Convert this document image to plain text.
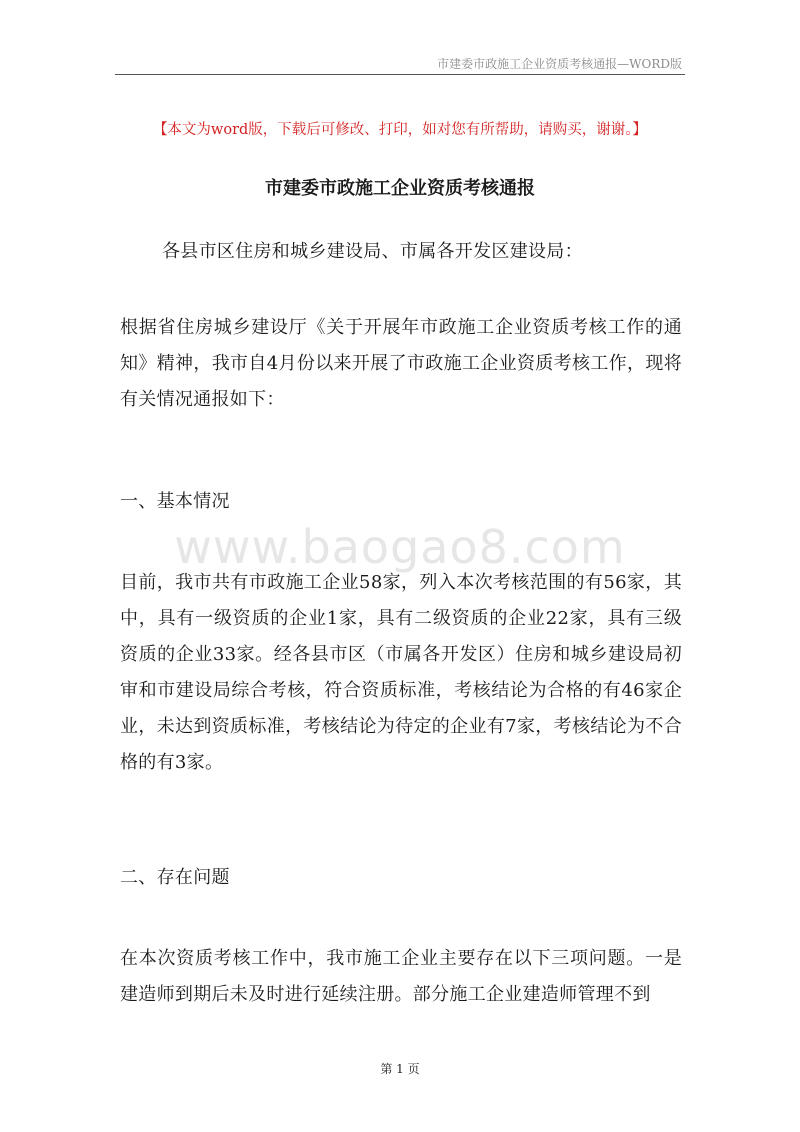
市建委市政施工企业资质考核通报—WORD版
【本文为word版，下载后可修改、打印，如对您有所帮助，请购买，谢谢。】
市建委市政施工企业资质考核通报

各县市区住房和城乡建设局、市属各开发区建设局：

根据省住房城乡建设厅《关于开展年市政施工企业资质考核工作的通知》精神，我市自4月份以来开展了市政施工企业资质考核工作，现将有关情况通报如下：

一、基本情况

www.baogao8.com

目前，我市共有市政施工企业58家，列入本次考核范围的有56家，其中，具有一级资质的企业1家，具有二级资质的企业22家，具有三级资质的企业33家。经各县市区（市属各开发区）住房和城乡建设局初审和市建设局综合考核，符合资质标准，考核结论为合格的有46家企业，未达到资质标准，考核结论为待定的企业有7家，考核结论为不合格的有3家。

二、存在问题

在本次资质考核工作中，我市施工企业主要存在以下三项问题。一是建造师到期后未及时进行延续注册。部分施工企业建造师管理不到

第 1 页
